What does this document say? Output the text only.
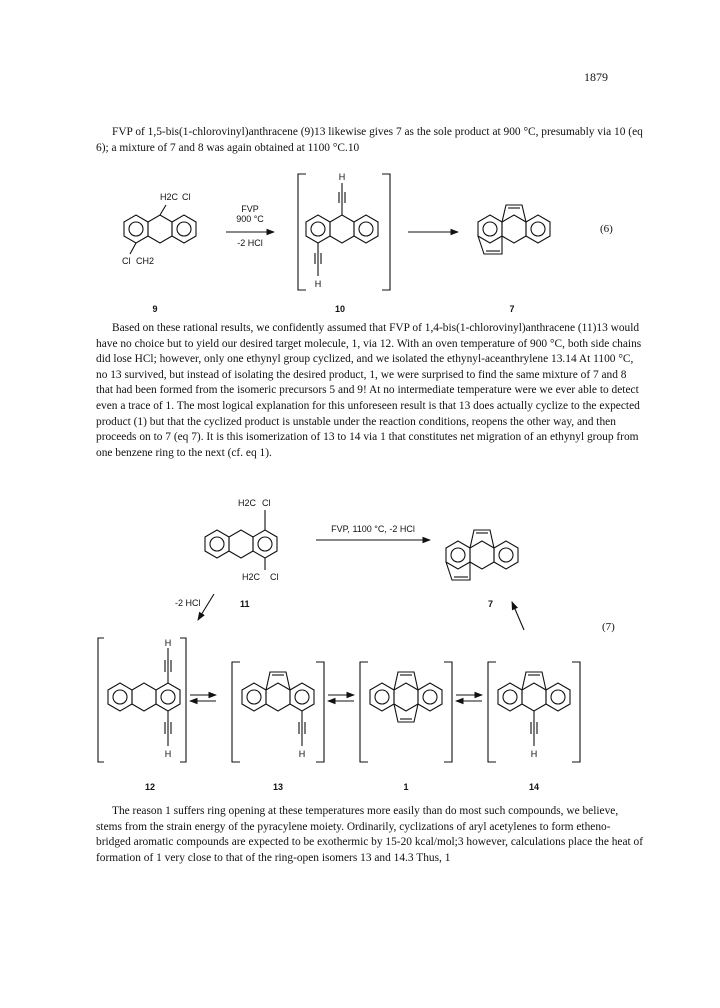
1879
FVP of 1,5-bis(1-chlorovinyl)anthracene (9)13 likewise gives 7 as the sole product at 900 °C, presumably via 10 (eq 6); a mixture of 7 and 8 was again obtained at 1100 °C.10
Based on these rational results, we confidently assumed that FVP of 1,4-bis(1-chlorovinyl)anthracene (11)13 would have no choice but to yield our desired target molecule, 1, via 12. With an oven temperature of 900 °C, both side chains did lose HCl; however, only one ethynyl group cyclized, and we isolated the ethynyl-aceanthrylene 13.14 At 1100 °C, no 13 survived, but instead of isolating the desired product, 1, we were surprised to find the same mixture of 7 and 8 that had been formed from the isomeric precursors 5 and 9! At no intermediate temperature were we ever able to detect even a trace of 1. The most logical explanation for this unforeseen result is that 13 does actually cyclize to the expected product (1) but that the cyclized product is unstable under the reaction conditions, reopens the other way, and then proceeds on to 7 (eq 7). It is this isomerization of 13 to 14 via 1 that constitutes net migration of an ethynyl group from one benzene ring to the next (cf. eq 1).
The reason 1 suffers ring opening at these temperatures more easily than do most such compounds, we believe, stems from the strain energy of the pyracylene moiety. Ordinarily, cyclizations of aryl acetylenes to form etheno-bridged aromatic compounds are expected to be exothermic by 15-20 kcal/mol;3 however, calculations place the heat of formation of 1 very close to that of the ring-open isomers 13 and 14.3 Thus, 1
H2C Cl
Cl CH2
FVP
900 °C
-2 HCl
H
H
(6)
9	10	7
H2C Cl
H2C Cl
FVP, 1100 °C, -2 HCl
-2 HCl
(7)
11	7
H
H	H	H
12	13	1	14
